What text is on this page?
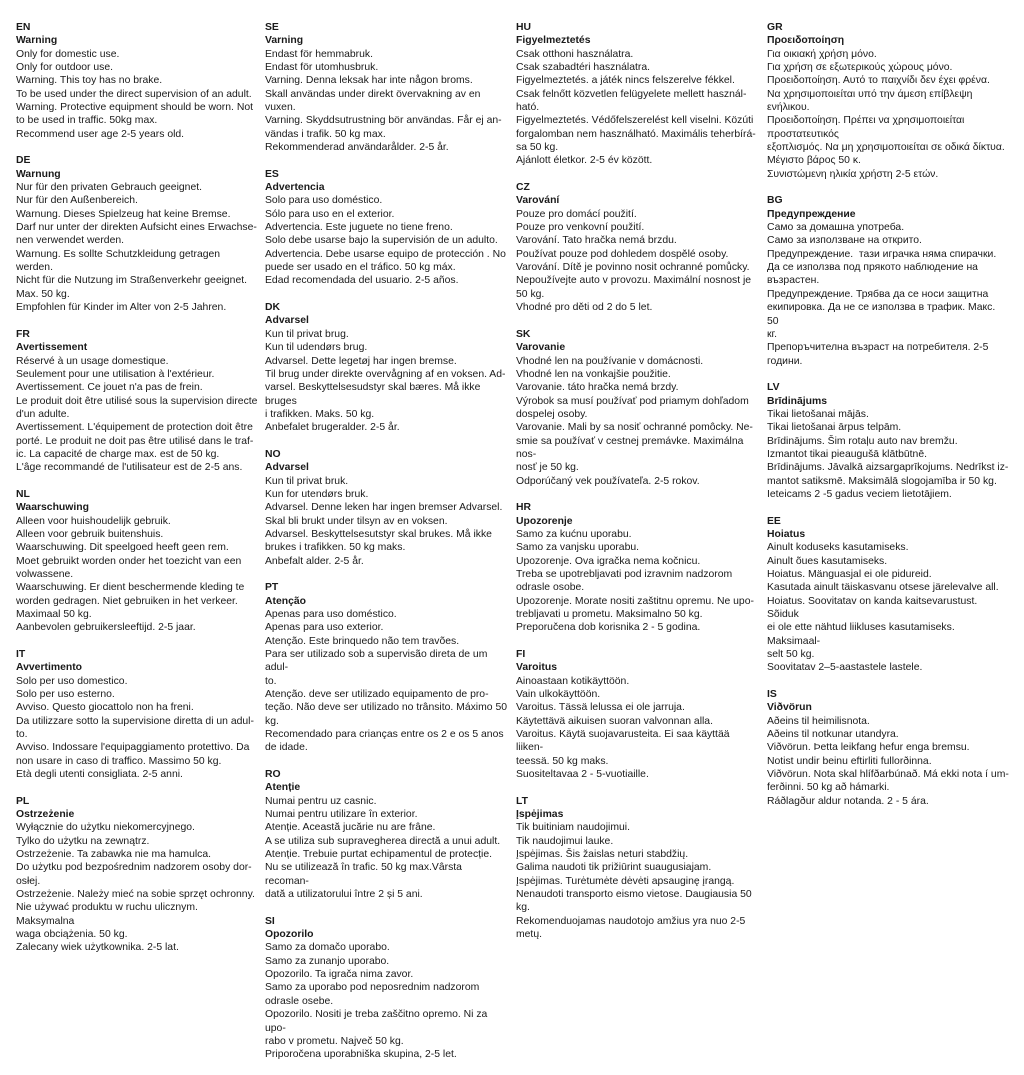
EN
Warning
Only for domestic use.
Only for outdoor use.
Warning. This toy has no brake.
To be used under the direct supervision of an adult.
Warning. Protective equipment should be worn. Not
to be used in traffic. 50kg max.
Recommend user age 2-5 years old.
DE
Warnung
Nur für den privaten Gebrauch geeignet.
Nur für den Außenbereich.
Warnung. Dieses Spielzeug hat keine Bremse.
Darf nur unter der direkten Aufsicht eines Erwachse-
nen verwendet werden.
Warnung. Es sollte Schutzkleidung getragen werden.
Nicht für die Nutzung im Straßenverkehr geeignet.
Max. 50 kg.
Empfohlen für Kinder im Alter von 2-5 Jahren.
FR
Avertissement
Réservé à un usage domestique.
Seulement pour une utilisation à l'extérieur.
Avertissement. Ce jouet n'a pas de frein.
Le produit doit être utilisé sous la supervision directe
d'un adulte.
Avertissement. L'équipement de protection doit être
porté. Le produit ne doit pas être utilisé dans le traf-
ic. La capacité de charge max. est de 50 kg.
L'âge recommandé de l'utilisateur est de 2-5 ans.
NL
Waarschuwing
Alleen voor huishoudelijk gebruik.
Alleen voor gebruik buitenshuis.
Waarschuwing. Dit speelgoed heeft geen rem.
Moet gebruikt worden onder het toezicht van een
volwassene.
Waarschuwing. Er dient beschermende kleding te
worden gedragen. Niet gebruiken in het verkeer.
Maximaal 50 kg.
Aanbevolen gebruikersleeftijd. 2-5 jaar.
IT
Avvertimento
Solo per uso domestico.
Solo per uso esterno.
Avviso. Questo giocattolo non ha freni.
Da utilizzare sotto la supervisione diretta di un adul-
to.
Avviso. Indossare l'equipaggiamento protettivo. Da
non usare in caso di traffico. Massimo 50 kg.
Età degli utenti consigliata. 2-5 anni.
PL
Ostrzeżenie
Wyłącznie do użytku niekomercyjnego.
Tylko do użytku na zewnątrz.
Ostrzeżenie. Ta zabawka nie ma hamulca.
Do użytku pod bezpośrednim nadzorem osoby dor-
osłej.
Ostrzeżenie. Należy mieć na sobie sprzęt ochronny.
Nie używać produktu w ruchu ulicznym. Maksymalna
waga obciążenia. 50 kg.
Zalecany wiek użytkownika. 2-5 lat.
SE
Varning
Endast för hemmabruk.
Endast för utomhusbruk.
Varning. Denna leksak har inte någon broms.
Skall användas under direkt övervakning av en vuxen.
Varning. Skyddsutrustning bör användas. Får ej an-
vändas i trafik. 50 kg max.
Rekommenderad användarålder. 2-5 år.
ES
Advertencia
Solo para uso doméstico.
Sólo para uso en el exterior.
Advertencia. Este juguete no tiene freno.
Solo debe usarse bajo la supervisión de un adulto.
Advertencia. Debe usarse equipo de protección . No
puede ser usado en el tráfico. 50 kg máx.
Edad recomendada del usuario. 2-5 años.
DK
Advarsel
Kun til privat brug.
Kun til udendørs brug.
Advarsel. Dette legetøj har ingen bremse.
Til brug under direkte overvågning af en voksen. Ad-
varsel. Beskyttelsesudstyr skal bæres. Må ikke bruges
i trafikken. Maks. 50 kg.
Anbefalet brugeralder. 2-5 år.
NO
Advarsel
Kun til privat bruk.
Kun for utendørs bruk.
Advarsel. Denne leken har ingen bremser Advarsel.
Skal bli brukt under tilsyn av en voksen.
Advarsel. Beskyttelsesutstyr skal brukes. Må ikke
brukes i trafikken. 50 kg maks.
Anbefalt alder. 2-5 år.
PT
Atenção
Apenas para uso doméstico.
Apenas para uso exterior.
Atenção. Este brinquedo não tem travões.
Para ser utilizado sob a supervisão direta de um adul-
to.
Atenção. deve ser utilizado equipamento de pro-
teção. Não deve ser utilizado no trânsito. Máximo 50
kg.
Recomendado para crianças entre os 2 e os 5 anos
de idade.
RO
Atenție
Numai pentru uz casnic.
Numai pentru utilizare în exterior.
Atenție. Această jucărie nu are frâne.
A se utiliza sub supravegherea directă a unui adult.
Atenție. Trebuie purtat echipamentul de protecție.
Nu se utilizează în trafic. 50 kg max.Vârsta recoman-
dată a utilizatorului între 2 și 5 ani.
SI
Opozorilo
Samo za domačo uporabo.
Samo za zunanjo uporabo.
Opozorilo. Ta igrača nima zavor.
Samo za uporabo pod neposrednim nadzorom
odrasle osebe.
Opozorilo. Nositi je treba zaščitno opremo. Ni za upo-
rabo v prometu. Največ 50 kg.
Priporočena uporabniška skupina, 2-5 let.
HU
Figyelmeztetés
Csak otthoni használatra.
Csak szabadtéri használatra.
Figyelmeztetés. a játék nincs felszerelve fékkel.
Csak felnőtt közvetlen felügyelete mellett használ-
ható.
Figyelmeztetés. Védőfelszerelést kell viselni. Közúti
forgalomban nem használható. Maximális teherbírá-
sa 50 kg.
Ajánlott életkor. 2-5 év között.
CZ
Varování
Pouze pro domácí použití.
Pouze pro venkovní použití.
Varování. Tato hračka nemá brzdu.
Používat pouze pod dohledem dospělé osoby.
Varování. Dítě je povinno nosit ochranné pomůcky.
Nepoužívejte auto v provozu. Maximální nosnost je
50 kg.
Vhodné pro děti od 2 do 5 let.
SK
Varovanie
Vhodné len na používanie v domácnosti.
Vhodné len na vonkajšie použitie.
Varovanie. táto hračka nemá brzdy.
Výrobok sa musí používať pod priamym dohľadom
dospelej osoby.
Varovanie. Mali by sa nosiť ochranné pomôcky. Ne-
smie sa používať v cestnej premávke. Maximálna nos-
nosť je 50 kg.
Odporúčaný vek používateľa. 2-5 rokov.
HR
Upozorenje
Samo za kućnu uporabu.
Samo za vanjsku uporabu.
Upozorenje. Ova igračka nema kočnicu.
Treba se upotrebljavati pod izravnim nadzorom
odrasle osobe.
Upozorenje. Morate nositi zaštitnu opremu. Ne upo-
trebljavati u prometu. Maksimalno 50 kg.
Preporučena dob korisnika 2 - 5 godina.
FI
Varoitus
Ainoastaan kotikäyttöön.
Vain ulkokäyttöön.
Varoitus. Tässä lelussa ei ole jarruja.
Käytettävä aikuisen suoran valvonnan alla.
Varoitus. Käytä suojavarusteita. Ei saa käyttää liiken-
teessä. 50 kg maks.
Suositeltavaa 2 - 5-vuotiaille.
LT
Įspėjimas
Tik buitiniam naudojimui.
Tik naudojimui lauke.
Įspėjimas. Šis žaislas neturi stabdžių.
Galima naudoti tik prižiūrint suaugusiajam.
Įspėjimas. Turėtumėte dėvėti apsauginę įrangą.
Nenaudoti transporto eismo vietose. Daugiausia 50
kg.
Rekomenduojamas naudotojo amžius yra nuo 2-5
metų.
GR
Προειδοποίηση
Για οικιακή χρήση μόνο.
Για χρήση σε εξωτερικούς χώρους μόνο.
Προειδοποίηση. Αυτό το παιχνίδι δεν έχει φρένα.
Να χρησιμοποιείται υπό την άμεση επίβλεψη
ενήλικου.
Προειδοποίηση. Πρέπει να χρησιμοποιείται
προστατευτικός
εξοπλισμός. Να μη χρησιμοποιείται σε οδικά δίκτυα.
Μέγιστο βάρος 50 κ.
Συνιστώμενη ηλικία χρήστη 2-5 ετών.
BG
Предупреждение
Само за домашна употреба.
Само за използване на открито.
Предупреждение.  тази играчка няма спирачки.
Да се използва под прякото наблюдение на
възрастен.
Предупреждение. Трябва да се носи защитна
екипировка. Да не се използва в трафик. Макс. 50
кг.
Препоръчителна възраст на потребителя. 2-5
години.
LV
Brīdinājums
Tikai lietošanai mājās.
Tikai lietošanai ārpus telpām.
Brīdinājums. Šim rotaļu auto nav bremžu.
Izmantot tikai pieaugušā klātbūtnē.
Brīdinājums. Jāvalkā aizsargaprīkojums. Nedrīkst iz-
mantot satiksmē. Maksimālā slogojamība ir 50 kg.
Ieteicams 2 -5 gadus veciem lietotājiem.
EE
Hoiatus
Ainult koduseks kasutamiseks.
Ainult õues kasutamiseks.
Hoiatus. Mänguasjal ei ole pidureid.
Kasutada ainult täiskasvanu otsese järelevalve all.
Hoiatus. Soovitatav on kanda kaitsevarustust. Sõiduk
ei ole ette nähtud liikluses kasutamiseks. Maksimaal-
selt 50 kg.
Soovitatav 2–5-aastastele lastele.
IS
Viðvörun
Aðeins til heimilisnota.
Aðeins til notkunar utandyra.
Viðvörun. Þetta leikfang hefur enga bremsu.
Notist undir beinu eftirliti fullorðinna.
Viðvörun. Nota skal hlífðarbúnað. Má ekki nota í um-
ferðinni. 50 kg að hámarki.
Ráðlagður aldur notanda. 2 - 5 ára.
